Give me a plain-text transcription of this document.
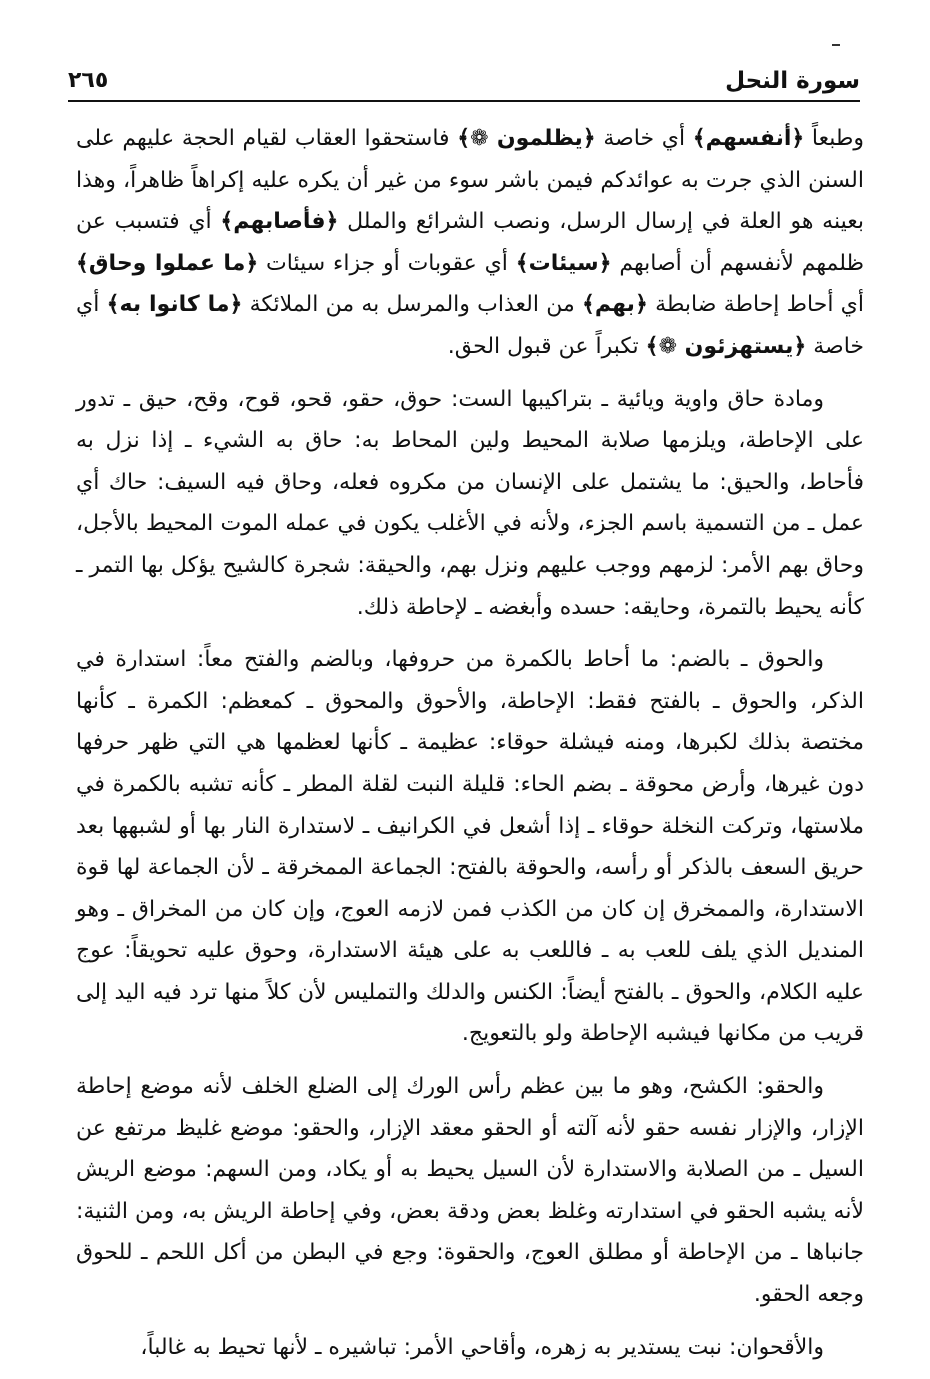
سورة النحل
٢٦٥

وطبعاً ﴿أنفسهم﴾ أي خاصة ﴿يظلمون ❁﴾ فاستحقوا العقاب لقيام الحجة عليهم على السنن الذي جرت به عوائدكم فيمن باشر سوء من غير أن يكره عليه إكراهاً ظاهراً، وهذا بعينه هو العلة في إرسال الرسل، ونصب الشرائع والملل ﴿فأصابهم﴾ أي فتسبب عن ظلمهم لأنفسهم أن أصابهم ﴿سيئات﴾ أي عقوبات أو جزاء سيئات ﴿ما عملوا وحاق﴾ أي أحاط إحاطة ضابطة ﴿بهم﴾ من العذاب والمرسل به من الملائكة ﴿ما كانوا به﴾ أي خاصة ﴿يستهزئون ❁﴾ تكبراً عن قبول الحق.

ومادة حاق واوية ويائية ـ بتراكيبها الست: حوق، حقو، قحو، قوح، وقح، حيق ـ تدور على الإحاطة، ويلزمها صلابة المحيط ولين المحاط به: حاق به الشيء ـ إذا نزل به فأحاط، والحيق: ما يشتمل على الإنسان من مكروه فعله، وحاق فيه السيف: حاك أي عمل ـ من التسمية باسم الجزء، ولأنه في الأغلب يكون في عمله الموت المحيط بالأجل، وحاق بهم الأمر: لزمهم ووجب عليهم ونزل بهم، والحيقة: شجرة كالشيح يؤكل بها التمر ـ كأنه يحيط بالتمرة، وحايقه: حسده وأبغضه ـ لإحاطة ذلك.

والحوق ـ بالضم: ما أحاط بالكمرة من حروفها، وبالضم والفتح معاً: استدارة في الذكر، والحوق ـ بالفتح فقط: الإحاطة، والأحوق والمحوق ـ كمعظم: الكمرة ـ كأنها مختصة بذلك لكبرها، ومنه فيشلة حوقاء: عظيمة ـ كأنها لعظمها هي التي ظهر حرفها دون غيرها، وأرض محوقة ـ بضم الحاء: قليلة النبت لقلة المطر ـ كأنه تشبه بالكمرة في ملاستها، وتركت النخلة حوقاء ـ إذا أشعل في الكرانيف ـ لاستدارة النار بها أو لشبهها بعد حريق السعف بالذكر أو رأسه، والحوقة بالفتح: الجماعة الممخرقة ـ لأن الجماعة لها قوة الاستدارة، والممخرق إن كان من الكذب فمن لازمه العوج، وإن كان من المخراق ـ وهو المنديل الذي يلف للعب به ـ فاللعب به على هيئة الاستدارة، وحوق عليه تحويقاً: عوج عليه الكلام، والحوق ـ بالفتح أيضاً: الكنس والدلك والتمليس لأن كلاً منها ترد فيه اليد إلى قريب من مكانها فيشبه الإحاطة ولو بالتعويج.

والحقو: الكشح، وهو ما بين عظم رأس الورك إلى الضلع الخلف لأنه موضع إحاطة الإزار، والإزار نفسه حقو لأنه آلته أو الحقو معقد الإزار، والحقو: موضع غليظ مرتفع عن السيل ـ من الصلابة والاستدارة لأن السيل يحيط به أو يكاد، ومن السهم: موضع الريش لأنه يشبه الحقو في استدارته وغلظ بعض ودقة بعض، وفي إحاطة الريش به، ومن الثنية: جانباها ـ من الإحاطة أو مطلق العوج، والحقوة: وجع في البطن من أكل اللحم ـ للحوق وجعه الحقو.

والأقحوان: نبت يستدير به زهره، وأقاحي الأمر: تباشيره ـ لأنها تحيط به غالباً،
